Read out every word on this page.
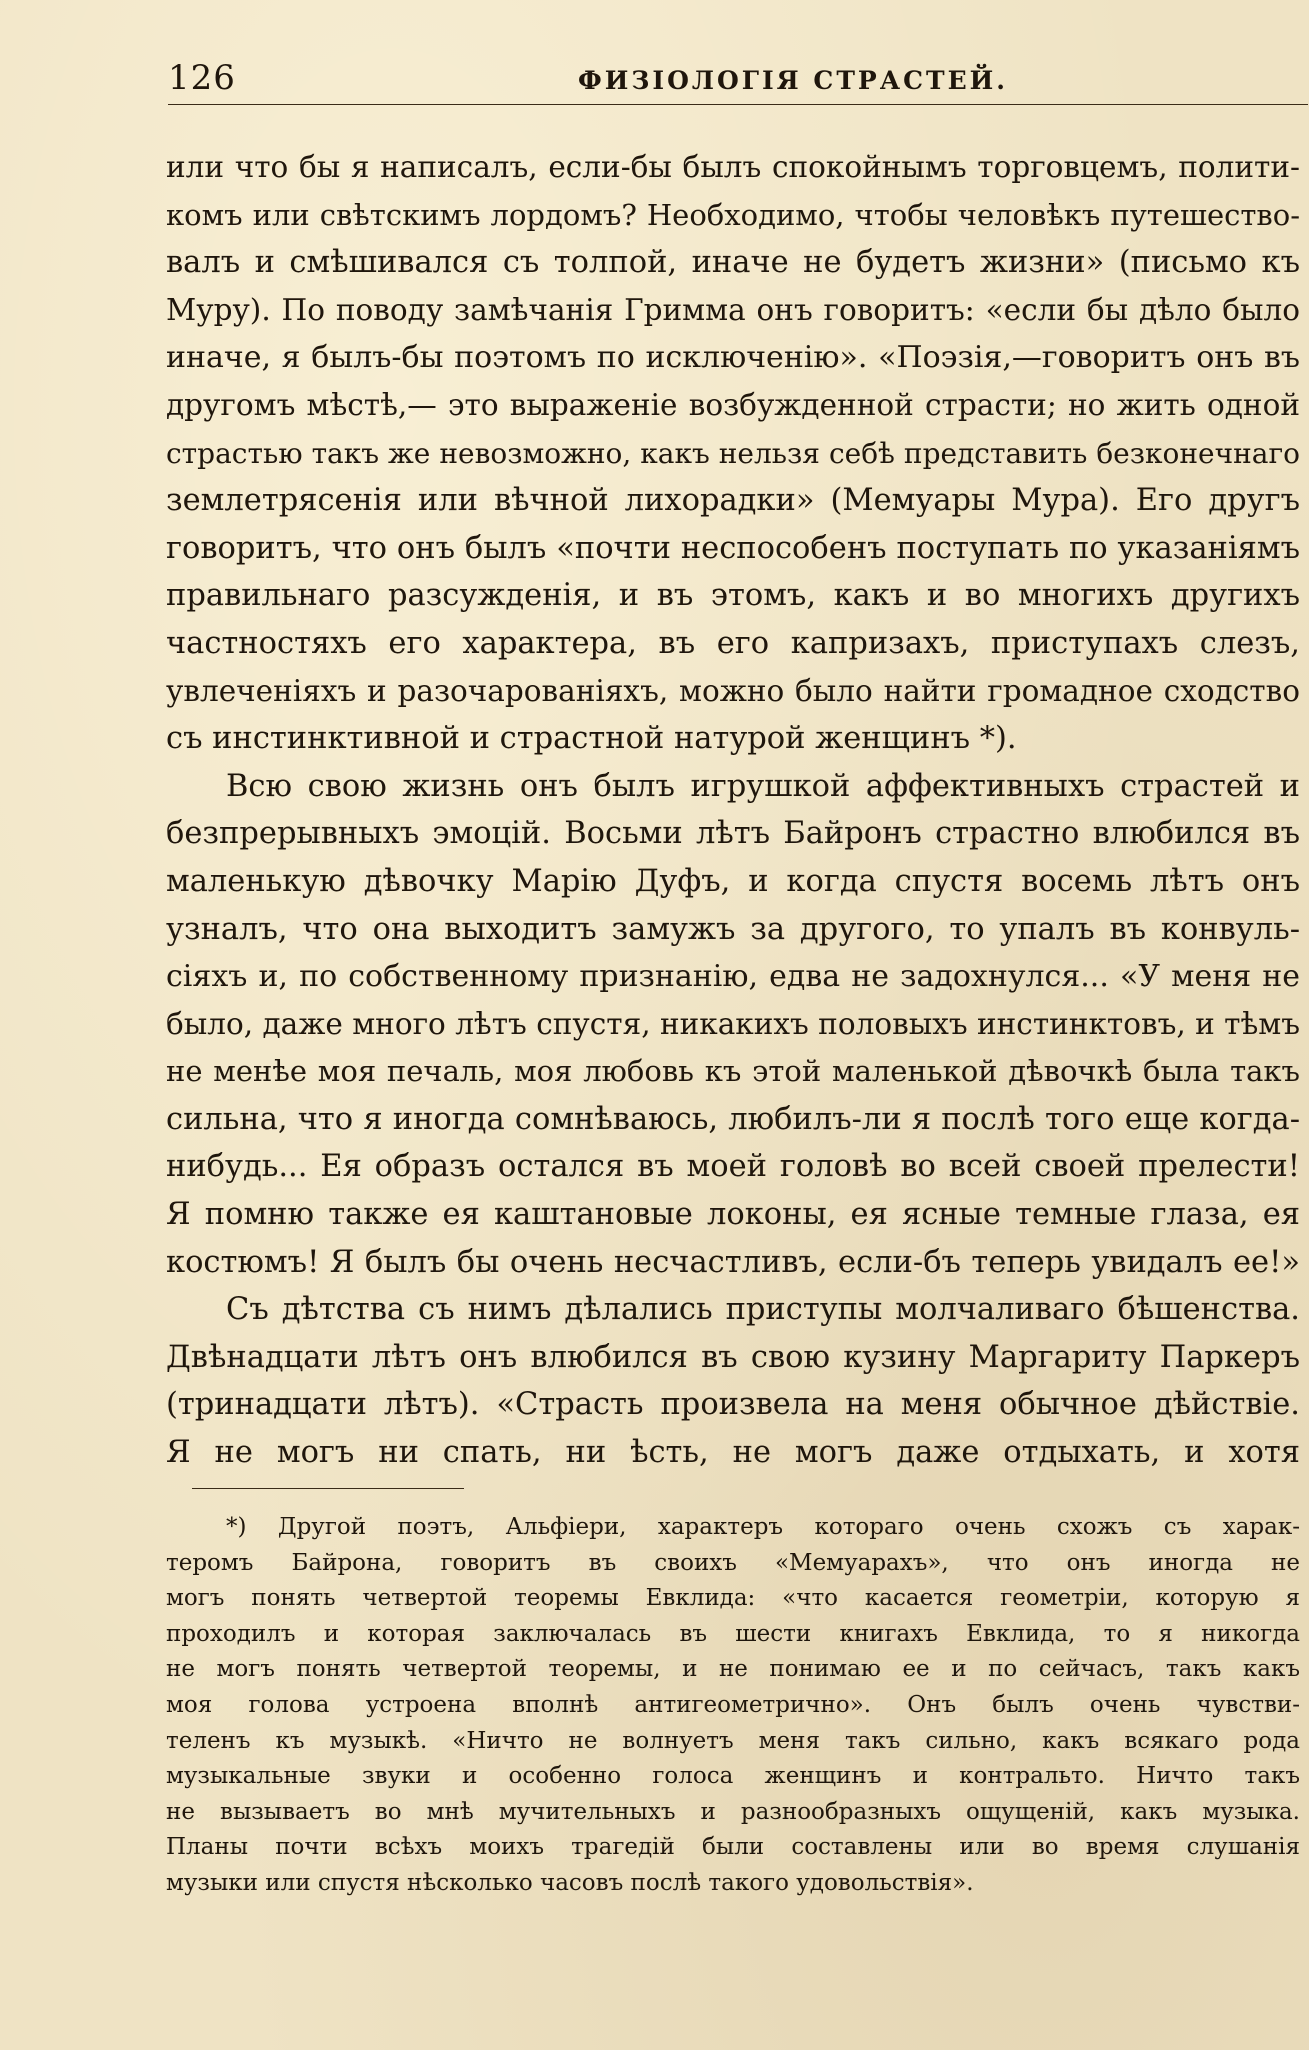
126	ФИЗIОЛОГIЯ СТРАСТЕЙ.
или что бы я написалъ, если-бы былъ спокойнымъ торговцемъ, полити-
комъ или свѣтскимъ лордомъ? Необходимо, чтобы человѣкъ путешество-
валъ и смѣшивался съ толпой, иначе не будетъ жизни» (письмо къ
Муру). По поводу замѣчанія Гримма онъ говоритъ: «если бы дѣло было
иначе, я былъ-бы поэтомъ по исключенiю». «Поэзія,—говоритъ онъ въ
другомъ мѣстѣ,— это выраженіе возбужденной страсти; но жить одной
страстью такъ же невозможно, какъ нельзя себѣ представить безконечнаго
землетрясенія или вѣчной лихорадки» (Мемуары Мура). Его другъ
говоритъ, что онъ былъ «почти неспособенъ поступать по указаніямъ
правильнаго разсужденія, и въ этомъ, какъ и во многихъ другихъ
частностяхъ его характера, въ его капризахъ, приступахъ слезъ,
увлеченіяхъ и разочарованіяхъ, можно было найти громадное сходство
съ инстинктивной и страстной натурой женщинъ *).
Всю свою жизнь онъ былъ игрушкой аффективныхъ страстей и
безпрерывныхъ эмоцій. Восьми лѣтъ Байронъ страстно влюбился въ
маленькую дѣвочку Марію Дуфъ, и когда спустя восемь лѣтъ онъ
узналъ, что она выходитъ замужъ за другого, то упалъ въ конвуль-
сіяхъ и, по собственному признанію, едва не задохнулся... «У меня не
было, даже много лѣтъ спустя, никакихъ половыхъ инстинктовъ, и тѣмъ
не менѣе моя печаль, моя любовь къ этой маленькой дѣвочкѣ была такъ
сильна, что я иногда сомнѣваюсь, любилъ-ли я послѣ того еще когда-
нибудь... Ея образъ остался въ моей головѣ во всей своей прелести!
Я помню также ея каштановые локоны, ея ясные темные глаза, ея
костюмъ! Я былъ бы очень несчастливъ, если-бъ теперь увидалъ ее!»
Съ дѣтства съ нимъ дѣлались приступы молчаливаго бѣшенства.
Двѣнадцати лѣтъ онъ влюбился въ свою кузину Маргариту Паркеръ
(тринадцати лѣтъ). «Страсть произвела на меня обычное дѣйствіе.
Я не могъ ни спать, ни ѣсть, не могъ даже отдыхать, и хотя
*) Другой поэтъ, Альфіери, характеръ котораго очень схожъ съ харак-
теромъ Байрона, говоритъ въ своихъ «Мемуарахъ», что онъ иногда не
могъ понять четвертой теоремы Евклида: «что касается геометріи, которую я
проходилъ и которая заключалась въ шести книгахъ Евклида, то я никогда
не могъ понять четвертой теоремы, и не понимаю ее и по сейчасъ, такъ какъ
моя голова устроена вполнѣ антигеометрично». Онъ былъ очень чувстви-
теленъ къ музыкѣ. «Ничто не волнуетъ меня такъ сильно, какъ всякаго рода
музыкальные звуки и особенно голоса женщинъ и контральто. Ничто такъ
не вызываетъ во мнѣ мучительныхъ и разнообразныхъ ощущеній, какъ музыка.
Планы почти всѣхъ моихъ трагедій были составлены или во время слушанія
музыки или спустя нѣсколько часовъ послѣ такого удовольствія».
